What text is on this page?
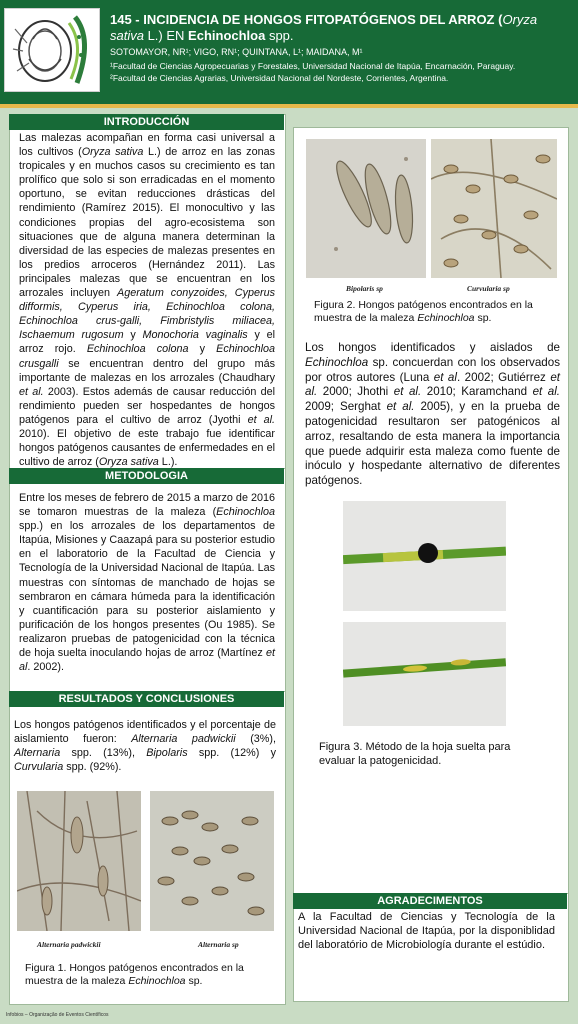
145 - INCIDENCIA DE HONGOS FITOPATÓGENOS DEL ARROZ (Oryza sativa L.) EN Echinochloa spp.
SOTOMAYOR, NR¹; VIGO, RN¹; QUINTANA, L¹; MAIDANA, M¹
¹Facultad de Ciencias Agropecuarias y Forestales, Universidad Nacional de Itapúa, Encarnación, Paraguay.
²Facultad de Ciencias Agrarias, Universidad Nacional del Nordeste, Corrientes, Argentina.
INTRODUCCIÓN

Las malezas acompañan en forma casi universal a los cultivos (Oryza sativa L.) de arroz en las zonas tropicales y en muchos casos su crecimiento es tan prolífico que solo si son erradicadas en el momento oportuno, se evitan reducciones drásticas del rendimiento (Ramírez 2015). El monocultivo y las condiciones propias del agro-ecosistema son situaciones que de alguna manera determinan la diversidad de las especies de malezas presentes en los predios arroceros (Hernández 2011). Las principales malezas que se encuentran en los arrozales incluyen Ageratum conyzoides, Cyperus difformis, Cyperus iria, Echinochloa colona, Echinochloa crus-galli, Fimbristylis miliacea, Ischaemum rugosum y Monochoria vaginalis y el arroz rojo. Echinochloa colona y Echinochloa crusgalli se encuentran dentro del grupo más importante de malezas en los arrozales (Chaudhary et al. 2003). Estos además de causar reducción del rendimiento pueden ser hospedantes de hongos patógenos para el cultivo de arroz (Jyothi et al. 2010). El objetivo de este trabajo fue identificar hongos patógenos causantes de enfermedades en el cultivo de arroz (Oryza sativa L.).

METODOLOGIA

Entre los meses de febrero de 2015 a marzo de 2016 se tomaron muestras de la maleza (Echinochloa spp.) en los arrozales de los departamentos de Itapúa, Misiones y Caazapá para su posterior estudio en el laboratorio de la Facultad de Ciencia y Tecnología de la Universidad Nacional de Itapúa. Las muestras con síntomas de manchado de hojas se sembraron en cámara húmeda para la identificación y cuantificación para su posterior aislamiento y purificación de los hongos presentes (Ou 1985). Se realizaron pruebas de patogenicidad con la técnica de hoja suelta inoculando hojas de arroz (Martínez et al. 2002).

RESULTADOS Y CONCLUSIONES

Los hongos patógenos identificados y el porcentaje de aislamiento fueron: Alternaria padwickii (3%), Alternaria spp. (13%), Bipolaris spp. (12%) y Curvularia spp. (92%).

Alternaria padwickii	Alternaria sp

Figura 1. Hongos patógenos encontrados en la muestra de la maleza Echinochloa sp.

Bipolaris sp	Curvularia sp

Figura 2. Hongos patógenos encontrados en la muestra de la maleza Echinochloa sp.

Los hongos identificados y aislados de Echinochloa sp. concuerdan con los observados por otros autores (Luna et al. 2002; Gutiérrez et al. 2000; Jhothi et al. 2010; Karamchand et al. 2009; Serghat et al. 2005), y en la prueba de patogenicidad resultaron ser patogénicos al arroz, resaltando de esta manera la importancia que puede adquirir esta maleza como fuente de inóculo y hospedante alternativo de diferentes patógenos.

Figura 3. Método de la hoja suelta para evaluar la patogenicidad.

AGRADECIMENTOS

A la Facultad de Ciencias y Tecnología de la Universidad Nacional de Itapúa, por la disponiblidad del laboratório de Microbiología durante el estúdio.

Infobios – Organização de Eventos Científicos
